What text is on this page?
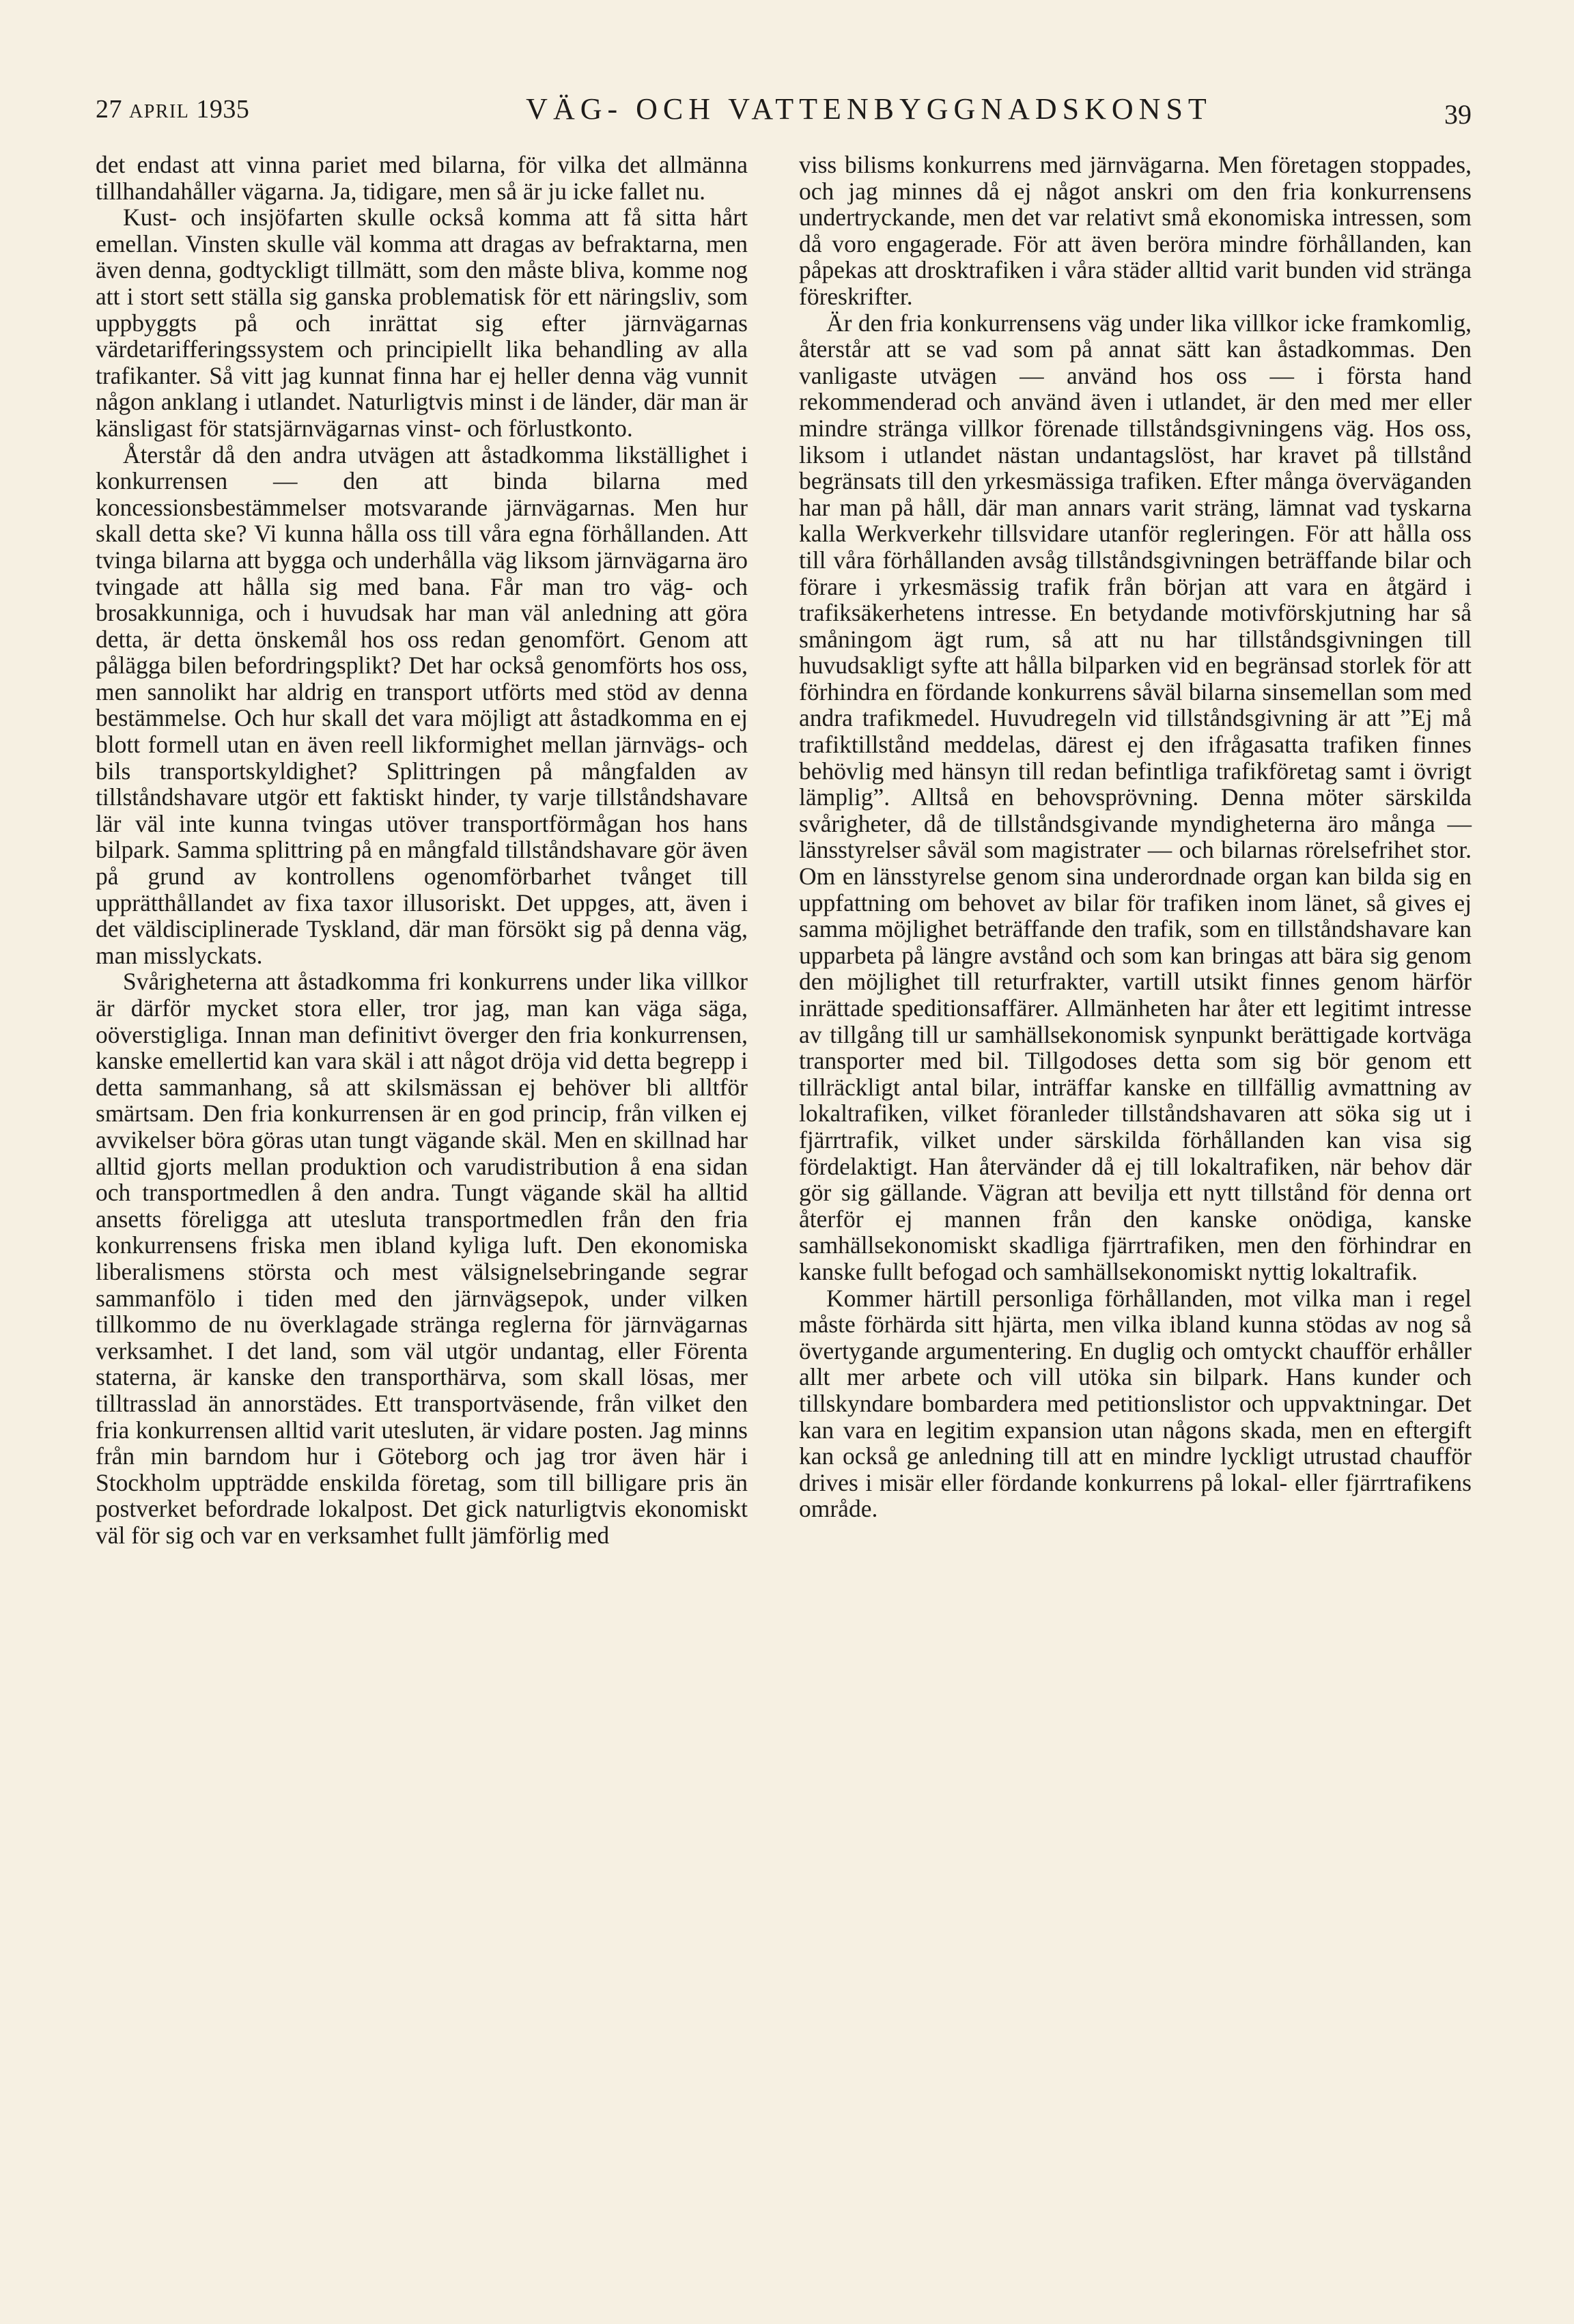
27 APRIL 1935	VÄG- OCH VATTENBYGGNADSKONST	39

det endast att vinna pariet med bilarna, för vilka det allmänna tillhandahåller vägarna. Ja, tidigare, men så är ju icke fallet nu.

Kust- och insjöfarten skulle också komma att få sitta hårt emellan. Vinsten skulle väl komma att dragas av befraktarna, men även denna, godtyckligt tillmätt, som den måste bliva, komme nog att i stort sett ställa sig ganska problematisk för ett näringsliv, som uppbyggts på och inrättat sig efter järnvägarnas värdetarifferingssystem och principiellt lika behandling av alla trafikanter. Så vitt jag kunnat finna har ej heller denna väg vunnit någon anklang i utlandet. Naturligtvis minst i de länder, där man är känsligast för statsjärnvägarnas vinst- och förlustkonto.

Återstår då den andra utvägen att åstadkomma likställighet i konkurrensen — den att binda bilarna med koncessionsbestämmelser motsvarande järnvägarnas. Men hur skall detta ske? Vi kunna hålla oss till våra egna förhållanden. Att tvinga bilarna att bygga och underhålla väg liksom järnvägarna äro tvingade att hålla sig med bana. Får man tro väg- och brosakkunniga, och i huvudsak har man väl anledning att göra detta, är detta önskemål hos oss redan genomfört. Genom att pålägga bilen befordringsplikt? Det har också genomförts hos oss, men sannolikt har aldrig en transport utförts med stöd av denna bestämmelse. Och hur skall det vara möjligt att åstadkomma en ej blott formell utan en även reell likformighet mellan järnvägs- och bils transportskyldighet? Splittringen på mångfalden av tillståndshavare utgör ett faktiskt hinder, ty varje tillståndshavare lär väl inte kunna tvingas utöver transportförmågan hos hans bilpark. Samma splittring på en mångfald tillståndshavare gör även på grund av kontrollens ogenomförbarhet tvånget till upprätthållandet av fixa taxor illusoriskt. Det uppges, att, även i det väldisciplinerade Tyskland, där man försökt sig på denna väg, man misslyckats.

Svårigheterna att åstadkomma fri konkurrens under lika villkor är därför mycket stora eller, tror jag, man kan väga säga, oöverstigliga. Innan man definitivt överger den fria konkurrensen, kanske emellertid kan vara skäl i att något dröja vid detta begrepp i detta sammanhang, så att skilsmässan ej behöver bli alltför smärtsam. Den fria konkurrensen är en god princip, från vilken ej avvikelser böra göras utan tungt vägande skäl. Men en skillnad har alltid gjorts mellan produktion och varudistribution å ena sidan och transportmedlen å den andra. Tungt vägande skäl ha alltid ansetts föreligga att utesluta transportmedlen från den fria konkurrensens friska men ibland kyliga luft. Den ekonomiska liberalismens största och mest välsignelsebringande segrar sammanfölo i tiden med den järnvägsepok, under vilken tillkommo de nu överklagade stränga reglerna för järnvägarnas verksamhet. I det land, som väl utgör undantag, eller Förenta staterna, är kanske den transporthärva, som skall lösas, mer tilltrasslad än annorstädes. Ett transportväsende, från vilket den fria konkurrensen alltid varit utesluten, är vidare posten. Jag minns från min barndom hur i Göteborg och jag tror även här i Stockholm uppträdde enskilda företag, som till billigare pris än postverket befordrade lokalpost. Det gick naturligtvis ekonomiskt väl för sig och var en verksamhet fullt jämförlig med

viss bilisms konkurrens med järnvägarna. Men företagen stoppades, och jag minnes då ej något anskri om den fria konkurrensens undertryckande, men det var relativt små ekonomiska intressen, som då voro engagerade. För att även beröra mindre förhållanden, kan påpekas att drosktrafiken i våra städer alltid varit bunden vid stränga föreskrifter.

Är den fria konkurrensens väg under lika villkor icke framkomlig, återstår att se vad som på annat sätt kan åstadkommas. Den vanligaste utvägen — använd hos oss — i första hand rekommenderad och använd även i utlandet, är den med mer eller mindre stränga villkor förenade tillståndsgivningens väg. Hos oss, liksom i utlandet nästan undantagslöst, har kravet på tillstånd begränsats till den yrkesmässiga trafiken. Efter många överväganden har man på håll, där man annars varit sträng, lämnat vad tyskarna kalla Werkverkehr tillsvidare utanför regleringen. För att hålla oss till våra förhållanden avsåg tillståndsgivningen beträffande bilar och förare i yrkesmässig trafik från början att vara en åtgärd i trafiksäkerhetens intresse. En betydande motivförskjutning har så småningom ägt rum, så att nu har tillståndsgivningen till huvudsakligt syfte att hålla bilparken vid en begränsad storlek för att förhindra en fördande konkurrens såväl bilarna sinsemellan som med andra trafikmedel. Huvudregeln vid tillståndsgivning är att ”Ej må trafiktillstånd meddelas, därest ej den ifrågasatta trafiken finnes behövlig med hänsyn till redan befintliga trafikföretag samt i övrigt lämplig”. Alltså en behovsprövning. Denna möter särskilda svårigheter, då de tillståndsgivande myndigheterna äro många — länsstyrelser såväl som magistrater — och bilarnas rörelsefrihet stor. Om en länsstyrelse genom sina underordnade organ kan bilda sig en uppfattning om behovet av bilar för trafiken inom länet, så gives ej samma möjlighet beträffande den trafik, som en tillståndshavare kan upparbeta på längre avstånd och som kan bringas att bära sig genom den möjlighet till returfrakter, vartill utsikt finnes genom härför inrättade speditionsaffärer. Allmänheten har åter ett legitimt intresse av tillgång till ur samhällsekonomisk synpunkt berättigade kortväga transporter med bil. Tillgodoses detta som sig bör genom ett tillräckligt antal bilar, inträffar kanske en tillfällig avmattning av lokaltrafiken, vilket föranleder tillståndshavaren att söka sig ut i fjärrtrafik, vilket under särskilda förhållanden kan visa sig fördelaktigt. Han återvänder då ej till lokaltrafiken, när behov där gör sig gällande. Vägran att bevilja ett nytt tillstånd för denna ort återför ej mannen från den kanske onödiga, kanske samhällsekonomiskt skadliga fjärrtrafiken, men den förhindrar en kanske fullt befogad och samhällsekonomiskt nyttig lokaltrafik.

Kommer härtill personliga förhållanden, mot vilka man i regel måste förhärda sitt hjärta, men vilka ibland kunna stödas av nog så övertygande argumentering. En duglig och omtyckt chaufför erhåller allt mer arbete och vill utöka sin bilpark. Hans kunder och tillskyndare bombardera med petitionslistor och uppvaktningar. Det kan vara en legitim expansion utan någons skada, men en eftergift kan också ge anledning till att en mindre lyckligt utrustad chaufför drives i misär eller fördande konkurrens på lokal- eller fjärrtrafikens område.
